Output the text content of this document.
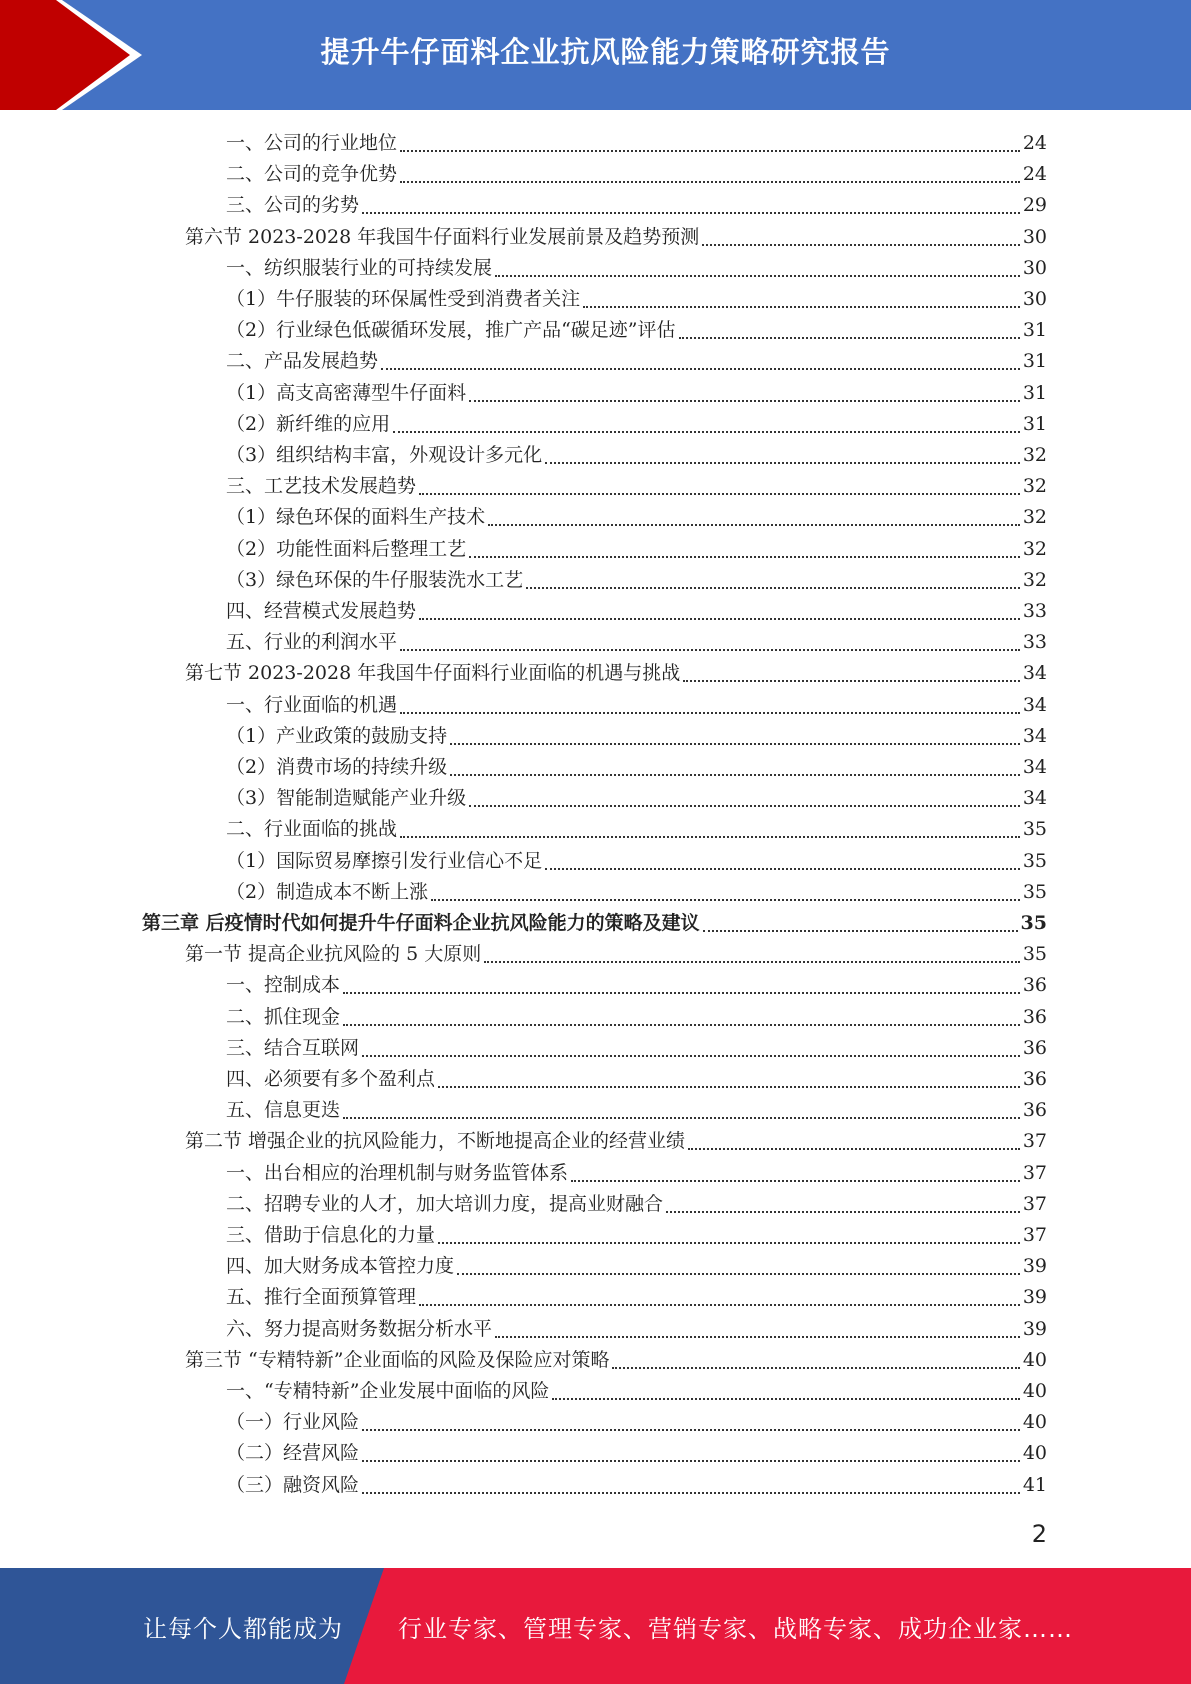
提升牛仔面料企业抗风险能力策略研究报告
一、公司的行业地位	24
二、公司的竞争优势	24
三、公司的劣势	29
第六节 2023-2028 年我国牛仔面料行业发展前景及趋势预测	30
一、纺织服装行业的可持续发展	30
（1）牛仔服装的环保属性受到消费者关注	30
（2）行业绿色低碳循环发展，推广产品“碳足迹”评估	31
二、产品发展趋势	31
（1）高支高密薄型牛仔面料	31
（2）新纤维的应用	31
（3）组织结构丰富，外观设计多元化	32
三、工艺技术发展趋势	32
（1）绿色环保的面料生产技术	32
（2）功能性面料后整理工艺	32
（3）绿色环保的牛仔服装洗水工艺	32
四、经营模式发展趋势	33
五、行业的利润水平	33
第七节 2023-2028 年我国牛仔面料行业面临的机遇与挑战	34
一、行业面临的机遇	34
（1）产业政策的鼓励支持	34
（2）消费市场的持续升级	34
（3）智能制造赋能产业升级	34
二、行业面临的挑战	35
（1）国际贸易摩擦引发行业信心不足	35
（2）制造成本不断上涨	35
第三章 后疫情时代如何提升牛仔面料企业抗风险能力的策略及建议	35
第一节 提高企业抗风险的 5 大原则	35
一、控制成本	36
二、抓住现金	36
三、结合互联网	36
四、必须要有多个盈利点	36
五、信息更迭	36
第二节 增强企业的抗风险能力，不断地提高企业的经营业绩	37
一、出台相应的治理机制与财务监管体系	37
二、招聘专业的人才，加大培训力度，提高业财融合	37
三、借助于信息化的力量	37
四、加大财务成本管控力度	39
五、推行全面预算管理	39
六、努力提高财务数据分析水平	39
第三节 “专精特新”企业面临的风险及保险应对策略	40
一、“专精特新”企业发展中面临的风险	40
（一）行业风险	40
（二）经营风险	40
（三）融资风险	41
2
让每个人都能成为 行业专家、管理专家、营销专家、战略专家、成功企业家……
